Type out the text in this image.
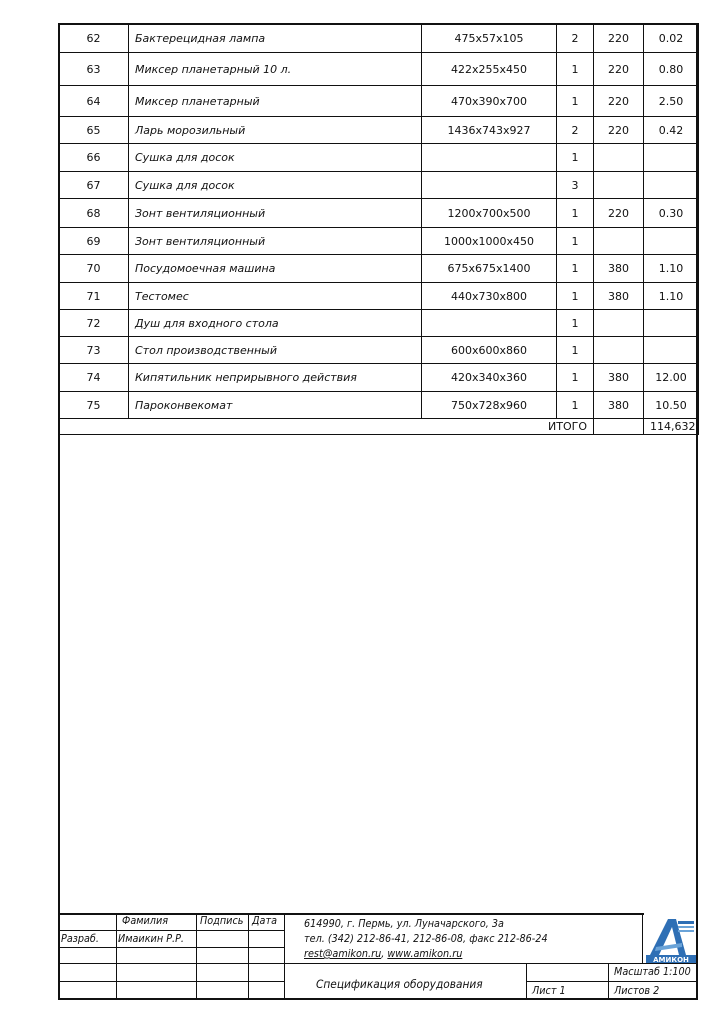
62	Бактерецидная лампа	475x57x105	2	220	0.02
63	Миксер планетарный 10 л.	422x255x450	1	220	0.80
64	Миксер планетарный	470x390x700	1	220	2.50
65	Ларь морозильный	1436x743x927	2	220	0.42
66	Сушка для досок		1		
67	Сушка для досок		3		
68	Зонт вентиляционный	1200x700x500	1	220	0.30
69	Зонт вентиляционный	1000x1000x450	1		
70	Посудомоечная машина	675x675x1400	1	380	1.10
71	Тестомес	440x730x800	1	380	1.10
72	Душ для входного стола		1		
73	Стол производственный	600x600x860	1		
74	Кипятильник неприрывного действия	420x340x360	1	380	12.00
75	Пароконвекомат	750x728x960	1	380	10.50
ИТОГО					114,632
Фамилия	Подпись Дата
Разраб. Имаикин Р.Р.
614990, г. Пермь, ул. Луначарского, 3а
тел. (342) 212-86-41, 212-86-08, факс 212-86-24
rest@amikon.ru, www.amikon.ru
Спецификация оборудования
Масштаб 1:100
Лист 1	Листов 2
АМИКОН
